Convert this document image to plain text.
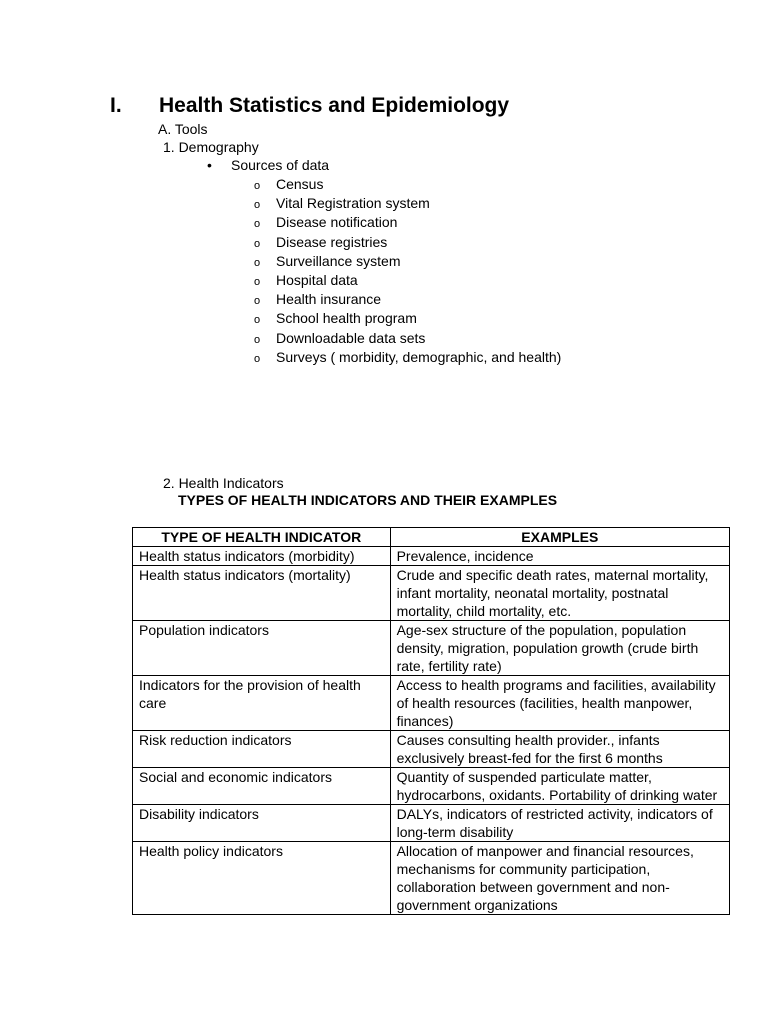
I. Health Statistics and Epidemiology
A. Tools
1. Demography
• Sources of data
o Census
o Vital Registration system
o Disease notification
o Disease registries
o Surveillance system
o Hospital data
o Health insurance
o School health program
o Downloadable data sets
o Surveys ( morbidity, demographic, and health)
2. Health Indicators
TYPES OF HEALTH INDICATORS AND THEIR EXAMPLES
TYPE OF HEALTH INDICATOR	EXAMPLES
Health status indicators (morbidity)	Prevalence, incidence
Health status indicators (mortality)	Crude and specific death rates, maternal mortality, infant mortality, neonatal mortality, postnatal mortality, child mortality, etc.
Population indicators	Age-sex structure of the population, population density, migration, population growth (crude birth rate, fertility rate)
Indicators for the provision of health care	Access to health programs and facilities, availability of health resources (facilities, health manpower, finances)
Risk reduction indicators	Causes consulting health provider., infants exclusively breast-fed for the first 6 months
Social and economic indicators	Quantity of suspended particulate matter, hydrocarbons, oxidants. Portability of drinking water
Disability indicators	DALYs, indicators of restricted activity, indicators of long-term disability
Health policy indicators	Allocation of manpower and financial resources, mechanisms for community participation, collaboration between government and non-government organizations
